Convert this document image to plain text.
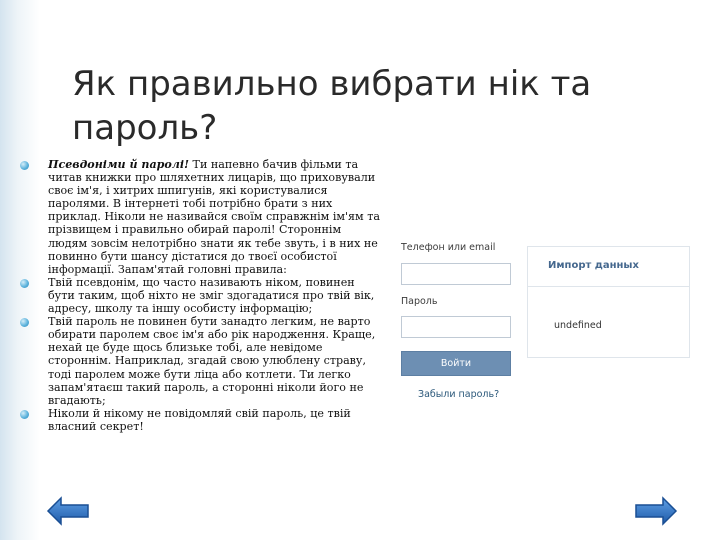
Як правильно вибрати нік та пароль?
Псевдоніми й паролі! Ти напевно бачив фільми та читав книжки про шляхетних лицарів, що приховували своє ім'я, і хитрих шпигунів, які користувалися паролями. В інтернеті тобі потрібно брати з них приклад. Ніколи не називайся своїм справжнім ім'ям та прізвищем і правильно обирай паролі! Стороннім людям зовсім нелотрібно знати як тебе звуть, і в них не повинно бути шансу дістатися до твоєї особистої інформації. Запам'ятай головні правила:
Твій псевдонім, що часто називають ніком, повинен бути таким, щоб ніхто не зміг здогадатися про твій вік, адресу, школу та іншу особисту інформацію;
Твій пароль не повинен бути занадто легким, не варто обирати паролем своє ім'я або рік народження. Краще, нехай це буде щось близьке тобі, але невідоме стороннім. Наприклад, згадай свою улюблену страву, тоді паролем може бути ліца або котлети. Ти легко запам'ятаєш такий пароль, а сторонні ніколи його не вгадають;
Ніколи й нікому не повідомляй свій пароль, це твій власний секрет!
Телефон или email
Пароль
Войти
Забыли пароль?
Импорт данных
undefined
